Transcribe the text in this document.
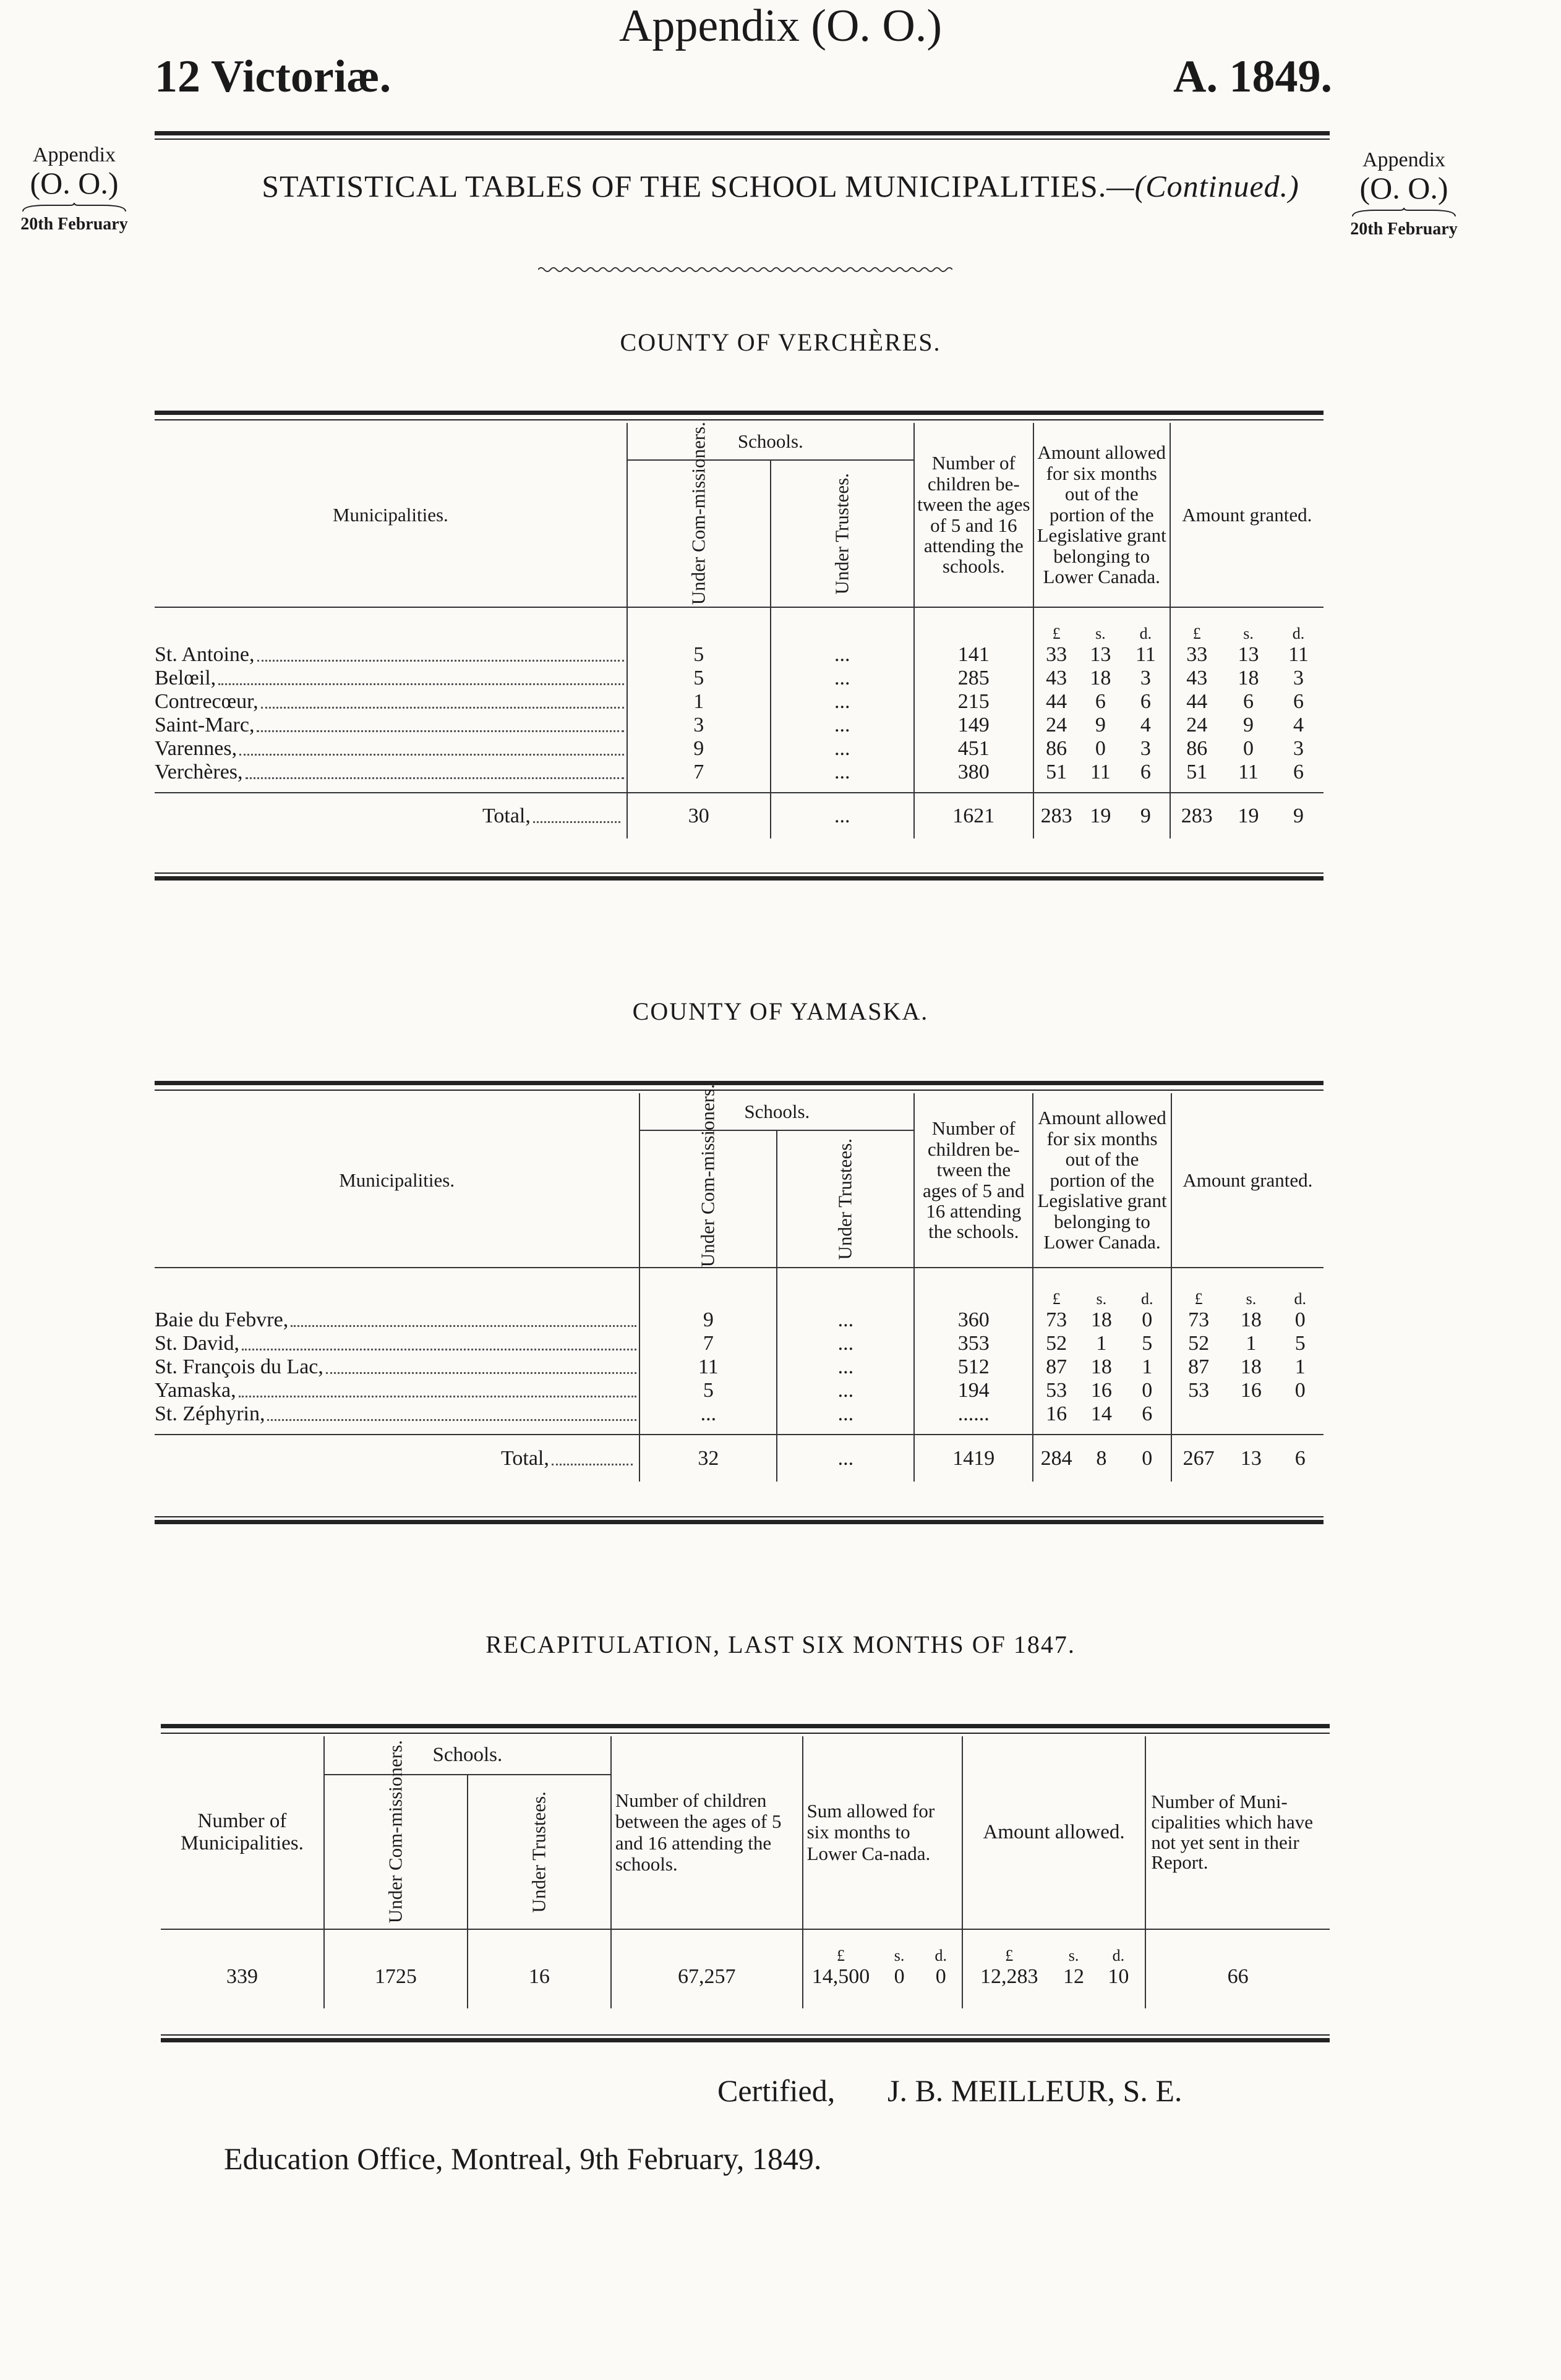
12 Victoriæ.
Appendix (O. O.)
A. 1849.
Appendix
(O. O.)
20th February
Appendix
(O. O.)
20th February
STATISTICAL TABLES OF THE SCHOOL MUNICIPALITIES.—(Continued.)
COUNTY OF VERCHÈRES.
Municipalities.	Schools.		Number of children be-tween the ages of 5 and 16 attending the schools.	Amount allowed for six months out of the portion of the Legislative grant belonging to Lower Canada.			Amount granted.		
	Under Com-missioners.	Under Trustees.							
				£	s.	d.	£	s.	d.

St. Antoine,	5	...	141	33	13	11	33	13	11

Belœil,	5	...	285	43	18	3	43	18	3

Contrecœur,	1	...	215	44	6	6	44	6	6

Saint-Marc,	3	...	149	24	9	4	24	9	4

Varennes,	9	...	451	86	0	3	86	0	3

Verchères,	7	...	380	51	11	6	51	11	6

Total,	30	...	1621	283	19	9	283	19	9
COUNTY OF YAMASKA.
Municipalities.	Schools.		Number of children be-tween the ages of 5 and 16 attending the schools.	Amount allowed for six months out of the portion of the Legislative grant belonging to Lower Canada.			Amount granted.		
	Under Com-missioners.	Under Trustees.							
				£	s.	d.	£	s.	d.

Baie du Febvre,	9	...	360	73	18	0	73	18	0

St. David,	7	...	353	52	1	5	52	1	5

St. François du Lac,	11	...	512	87	18	1	87	18	1

Yamaska,	5	...	194	53	16	0	53	16	0

St. Zéphyrin,	...	...	......	16	14	6			

Total,	32	...	1419	284	8	0	267	13	6
RECAPITULATION, LAST SIX MONTHS OF 1847.
Number of Municipalities.	Schools.		Number of children between the ages of 5 and 16 attending the schools.	Sum allowed for six months to Lower Ca-nada.			Amount allowed.			Number of Muni-cipalities which have not yet sent in their Report.
	Under Com-missioners.	Under Trustees.								
				£	s.	d.	£	s.	d.	
339	1725	16	67,257	14,500	0	0	12,283	12	10	66
Certified, J. B. MEILLEUR, S. E.
Education Office, Montreal, 9th February, 1849.
